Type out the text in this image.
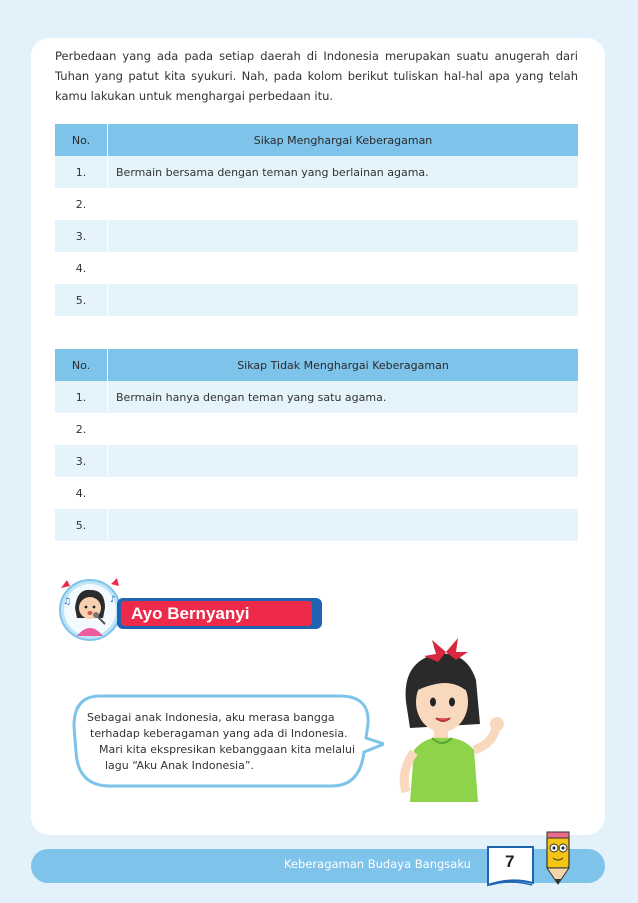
Perbedaan yang ada pada setiap daerah di Indonesia merupakan suatu anugerah dari Tuhan yang patut kita syukuri. Nah, pada kolom berikut tuliskan hal-hal apa yang telah kamu lakukan untuk menghargai perbedaan itu.

No.	Sikap Menghargai Keberagaman
1.	Bermain bersama dengan teman yang berlainan agama.
2.	
3.	
4.	
5.	
No.	Sikap Tidak Menghargai Keberagaman
1.	Bermain hanya dengan teman yang satu agama.
2.	
3.	
4.	
5.	
♫	♪
Ayo Bernyanyi
Sebagai anak Indonesia, aku merasa bangga
terhadap keberagaman yang ada di Indonesia.
Mari kita ekspresikan kebanggaan kita melalui
lagu “Aku Anak Indonesia”.
Keberagaman Budaya Bangsaku 7
